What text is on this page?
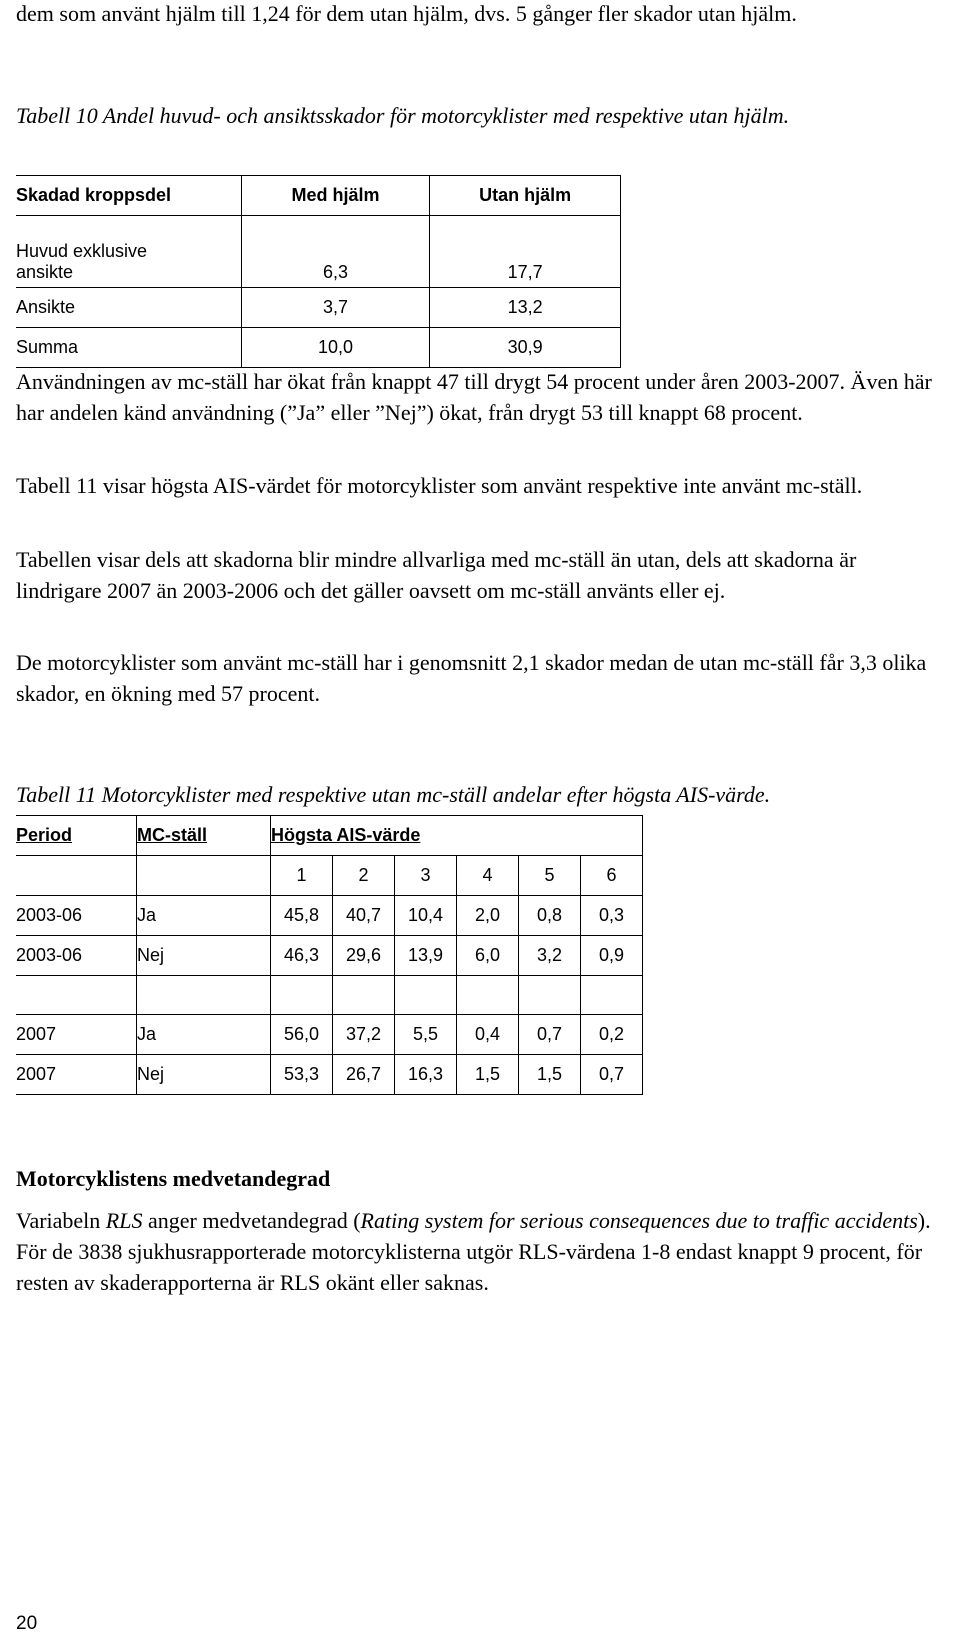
dem som använt hjälm till 1,24 för dem utan hjälm, dvs. 5 gånger fler skador utan hjälm.

Tabell 10 Andel huvud- och ansiktsskador för motorcyklister med respektive utan hjälm.

Skadad kroppsdel	Med hjälm	Utan hjälm
Huvud exklusive
ansikte	6,3	17,7
Ansikte	3,7	13,2
Summa	10,0	30,9

Användningen av mc-ställ har ökat från knappt 47 till drygt 54 procent under åren 2003-2007. Även här har andelen känd användning (”Ja” eller ”Nej”) ökat, från drygt 53 till knappt 68 procent.

Tabell 11 visar högsta AIS-värdet för motorcyklister som använt respektive inte använt mc-ställ.

Tabellen visar dels att skadorna blir mindre allvarliga med mc-ställ än utan, dels att skadorna är lindrigare 2007 än 2003-2006 och det gäller oavsett om mc-ställ använts eller ej.

De motorcyklister som använt mc-ställ har i genomsnitt 2,1 skador medan de utan mc-ställ får 3,3 olika skador, en ökning med 57 procent.

Tabell 11 Motorcyklister med respektive utan mc-ställ andelar efter högsta AIS-värde.

Period	MC-ställ	Högsta AIS-värde					
		1	2	3	4	5	6
2003-06	Ja	45,8	40,7	10,4	2,0	0,8	0,3
2003-06	Nej	46,3	29,6	13,9	6,0	3,2	0,9

2007	Ja	56,0	37,2	5,5	0,4	0,7	0,2
2007	Nej	53,3	26,7	16,3	1,5	1,5	0,7

Motorcyklistens medvetandegrad

Variabeln RLS anger medvetandegrad (Rating system for serious consequences due to traffic accidents). För de 3838 sjukhusrapporterade motorcyklisterna utgör RLS-värdena 1-8 endast knappt 9 procent, för resten av skaderapporterna är RLS okänt eller saknas.

20
